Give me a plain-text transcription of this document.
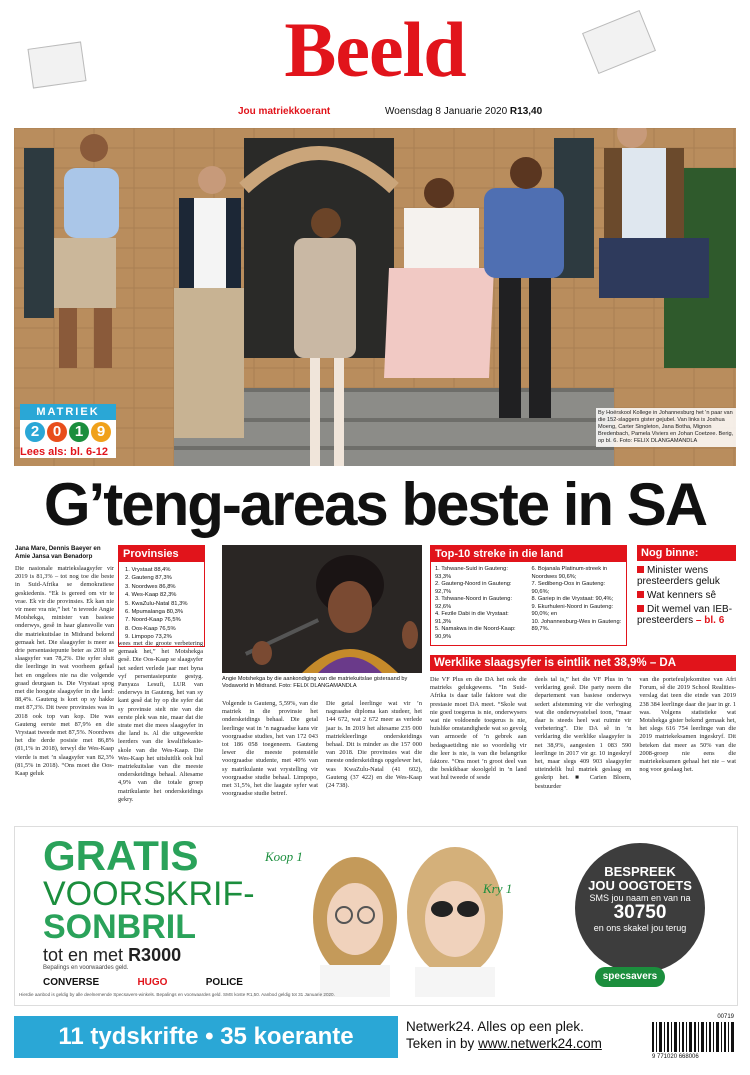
Beeld
Jou matriekkoerant	Woensdag 8 Januarie 2020 R13,40
MATRIEK
2 0 1 9
Lees als: bl. 6-12
By Hoërskool Kollege in Johannesburg het 'n paar van die 152-slaggers gister gejubel. Van links is Joshua Moeng, Carter Singleton, Jana Botha, Mignon Bredenbach, Pamela Viviers en Johan Coetzee. Berig, op bl. 6. Foto: FELIX DLANGAMANDLA
G’teng-areas beste in SA
Jana Mare, Dennis Baeyer en Amie Jansa van Benadorp
Die nasionale matriekslaagsyfer vir 2019 is 81,3% – tot nog toe die beste in Suid-Afrika se demokratiese geskiedenis. “Ek is gereed om vir te vrae. Ek vir die provinsies. Ek kan nie vir meer vra nie,” het ’n tevrede Angie Motshekga, minister van basiese onderwys, gesê in haar glansvolle van die matriekuitslae in Midrand bekend gemaak het. Die slaagsyfer is meer as drie persentasiepunte beter as 2018 se slaagsyfer van 78,2%. Die syfer sluit die leerlinge in wat voorheen gefaal het en ongelees nie na die volgende graad deurgaan is. Die Vrystaat spog met die hoogste slaagsyfer in die land: 88,4%. Gauteng is kort op sy hakke met 87,3%. Dit twee provinsies was in 2018 ook top van kop. Die was Gauteng eerste met 87,9% en die Vrystaat tweede met 87,5%. Noordwes het die derde posisie met 86,8% (81,1% in 2018), terwyl die Wes-Kaap vierde is met ’n slaagsyfer van 82,3% (81,5% in 2018). “Ons moet die Oos-Kaap geluk
Provinsies
1. Vrystaat 88,4%
2. Gauteng 87,3%
3. Noordwes 86,8%
4. Wes-Kaap 82,3%
5. KwaZulu-Natal 81,3%
6. Mpumalanga 80,3%
7. Noord-Kaap 76,5%
8. Oos-Kaap 76,5%
9. Limpopo 73,2%
wees met die groote verbetering gemaak het,” het Motshekga gesê. Die Oos-Kaap se slaagsyfer het sedert verlede jaar met byna vyf persentasiepunte gestyg. Panyaza Lesufi, LUR van onderwys in Gauteng, het van sy kant gesê dat hy op die syfer dat sy provinsie stelt nie van die eerste plek was nie, maar dat die strate met die mees slaagsyfer in die land is. Al die uitgewerkte leerders van die kwalifiekasie-skole van die Wes-Kaap. Die Wes-Kaap het uitsluitlik ook hul matriekuitslae van die meeste onderskeidings behaal. Altesame 4,9% van die totale groep matrikulante het onderskeidings gekry.
Angie Motshekga by die aankondiging van die matriekuitslae gisteraand by Vodaworld in Midrand. Foto: FELIX DLANGAMANDLA
Volgende is Gauteng, 5,59%, van die matriek in die provinsie het onderskeidings behaal. Die getal leerlinge wat in ’n nagraadse kans vir voorgraadse studies, het van 172 043 tot 186 058 toegeneem. Gauteng lewer die meeste potensiële voorgraadse studente, met 40% van sy matrikulante wat vrystelling vir voorgraadse studie behaal. Limpopo, met 31,5%, het die laagste syfer wat voorgraadse studie betref.
Die getal leerlinge wat vir ’n nagraadse diploma kan studeer, het 144 672, wat 2 672 meer as verlede jaar is. In 2019 het altesame 235 000 matriekleerlinge onderskeidings behaal. Dit is minder as die 157 000 van 2018. Die provinsies wat die meeste onderskeidings opgelewer het, was KwaZulu-Natal (41 602), Gauteng (37 422) en die Wes-Kaap (24 738).
Top-10 streke in die land
1. Tshwane-Suid in Gauteng: 93,3%
2. Gauteng-Noord in Gauteng: 92,7%
3. Tshwane-Noord in Gauteng: 92,6%
4. Fezile Dabi in die Vrystaat: 91,3%
5. Namakwa in die Noord-Kaap: 90,9%
6. Bojanala Platinum-streek in Noordwes 90,6%;
7. Sedibeng-Oos in Gauteng: 90,6%;
8. Gariep in die Vrystaat: 90,4%;
9. Ekurhuleni-Noord in Gauteng: 90,0%; en
10. Johannesburg-Wes in Gauteng: 89,7%.
Nog binne:
Minister wens presteerders geluk
Wat kenners sê
Dit wemel van IEB-presteerders – bl. 6
Werklike slaagsyfer is eintlik net 38,9% – DA
Die VF Plus en die DA het ook die matrieks gelukgewens. “In Suid-Afrika is daar talle faktore wat die prestasie moet DA meet. “Skole wat nie goed toegerus is nie, onderwysers wat nie voldoende toegerus is nie, huislike omstandighede wat so gevolg van armoede of ’n gebrek aan bedagsaetiding nie so voordelig vir die leer is nie, is van die belangrike faktore. “Ons moet ’n groot deel van die beskikbaar skoolgeld in ’n land wat hul tweede of sesde
deels tal is,” het die VF Plus in ’n verklaring gesê. Die party neem die departement van basiese onderwys sedert afstemming vir die verhoging wat die onderwysstelsel toon, “maar daar is steeds heel wat ruimte vir verbetering”. Die DA sê in ’n verklaring die werklike slaagsyfer is net 38,9%, aangesien 1 083 590 leerlinge in 2017 vir gr. 10 ingeskryf het, maar slegs 409 903 slaagsyfer uiteindelik hul matriek geslaag en geskrip het. ■ Carien Bloem, bestuurder
van die portefeuljekomitee van Afri Forum, sê die 2019 School Realities-verslag dat teen die einde van 2019 238 384 leerlinge daar die jaar in gr. 1 was. Volgens statistieke wat Motshekga gister bekend gemaak het, het slegs 616 754 leerlinge van die 2019 matriekeksamen ingeskryf. Dit beteken dat meer as 50% van die 2008-groep nie eens die matriekeksamen gehaal het nie – wat nog voor geslaag het.
GRATIS
VOORSKRIF-
SONBRIL
tot en met R3000
Bepalings en voorwaardes geld.
CONVERSE	HUGO	POLICE
Koop 1
Kry 1
BESPREEK
JOU OOGTOETS
SMS jou naam en van na
30750
en ons skakel jou terug
specsavers
Hierdie aanbod is geldig by alle deelnemende Specsavers-winkels. Bepalings en voorwaardes geld. SMS koste R1,50. Aanbod geldig tot 31 Januarie 2020.
11 tydskrifte • 35 koerante	Netwerk24. Alles op een plek.
Teken in by www.netwerk24.com
00719
9 771020 668006
